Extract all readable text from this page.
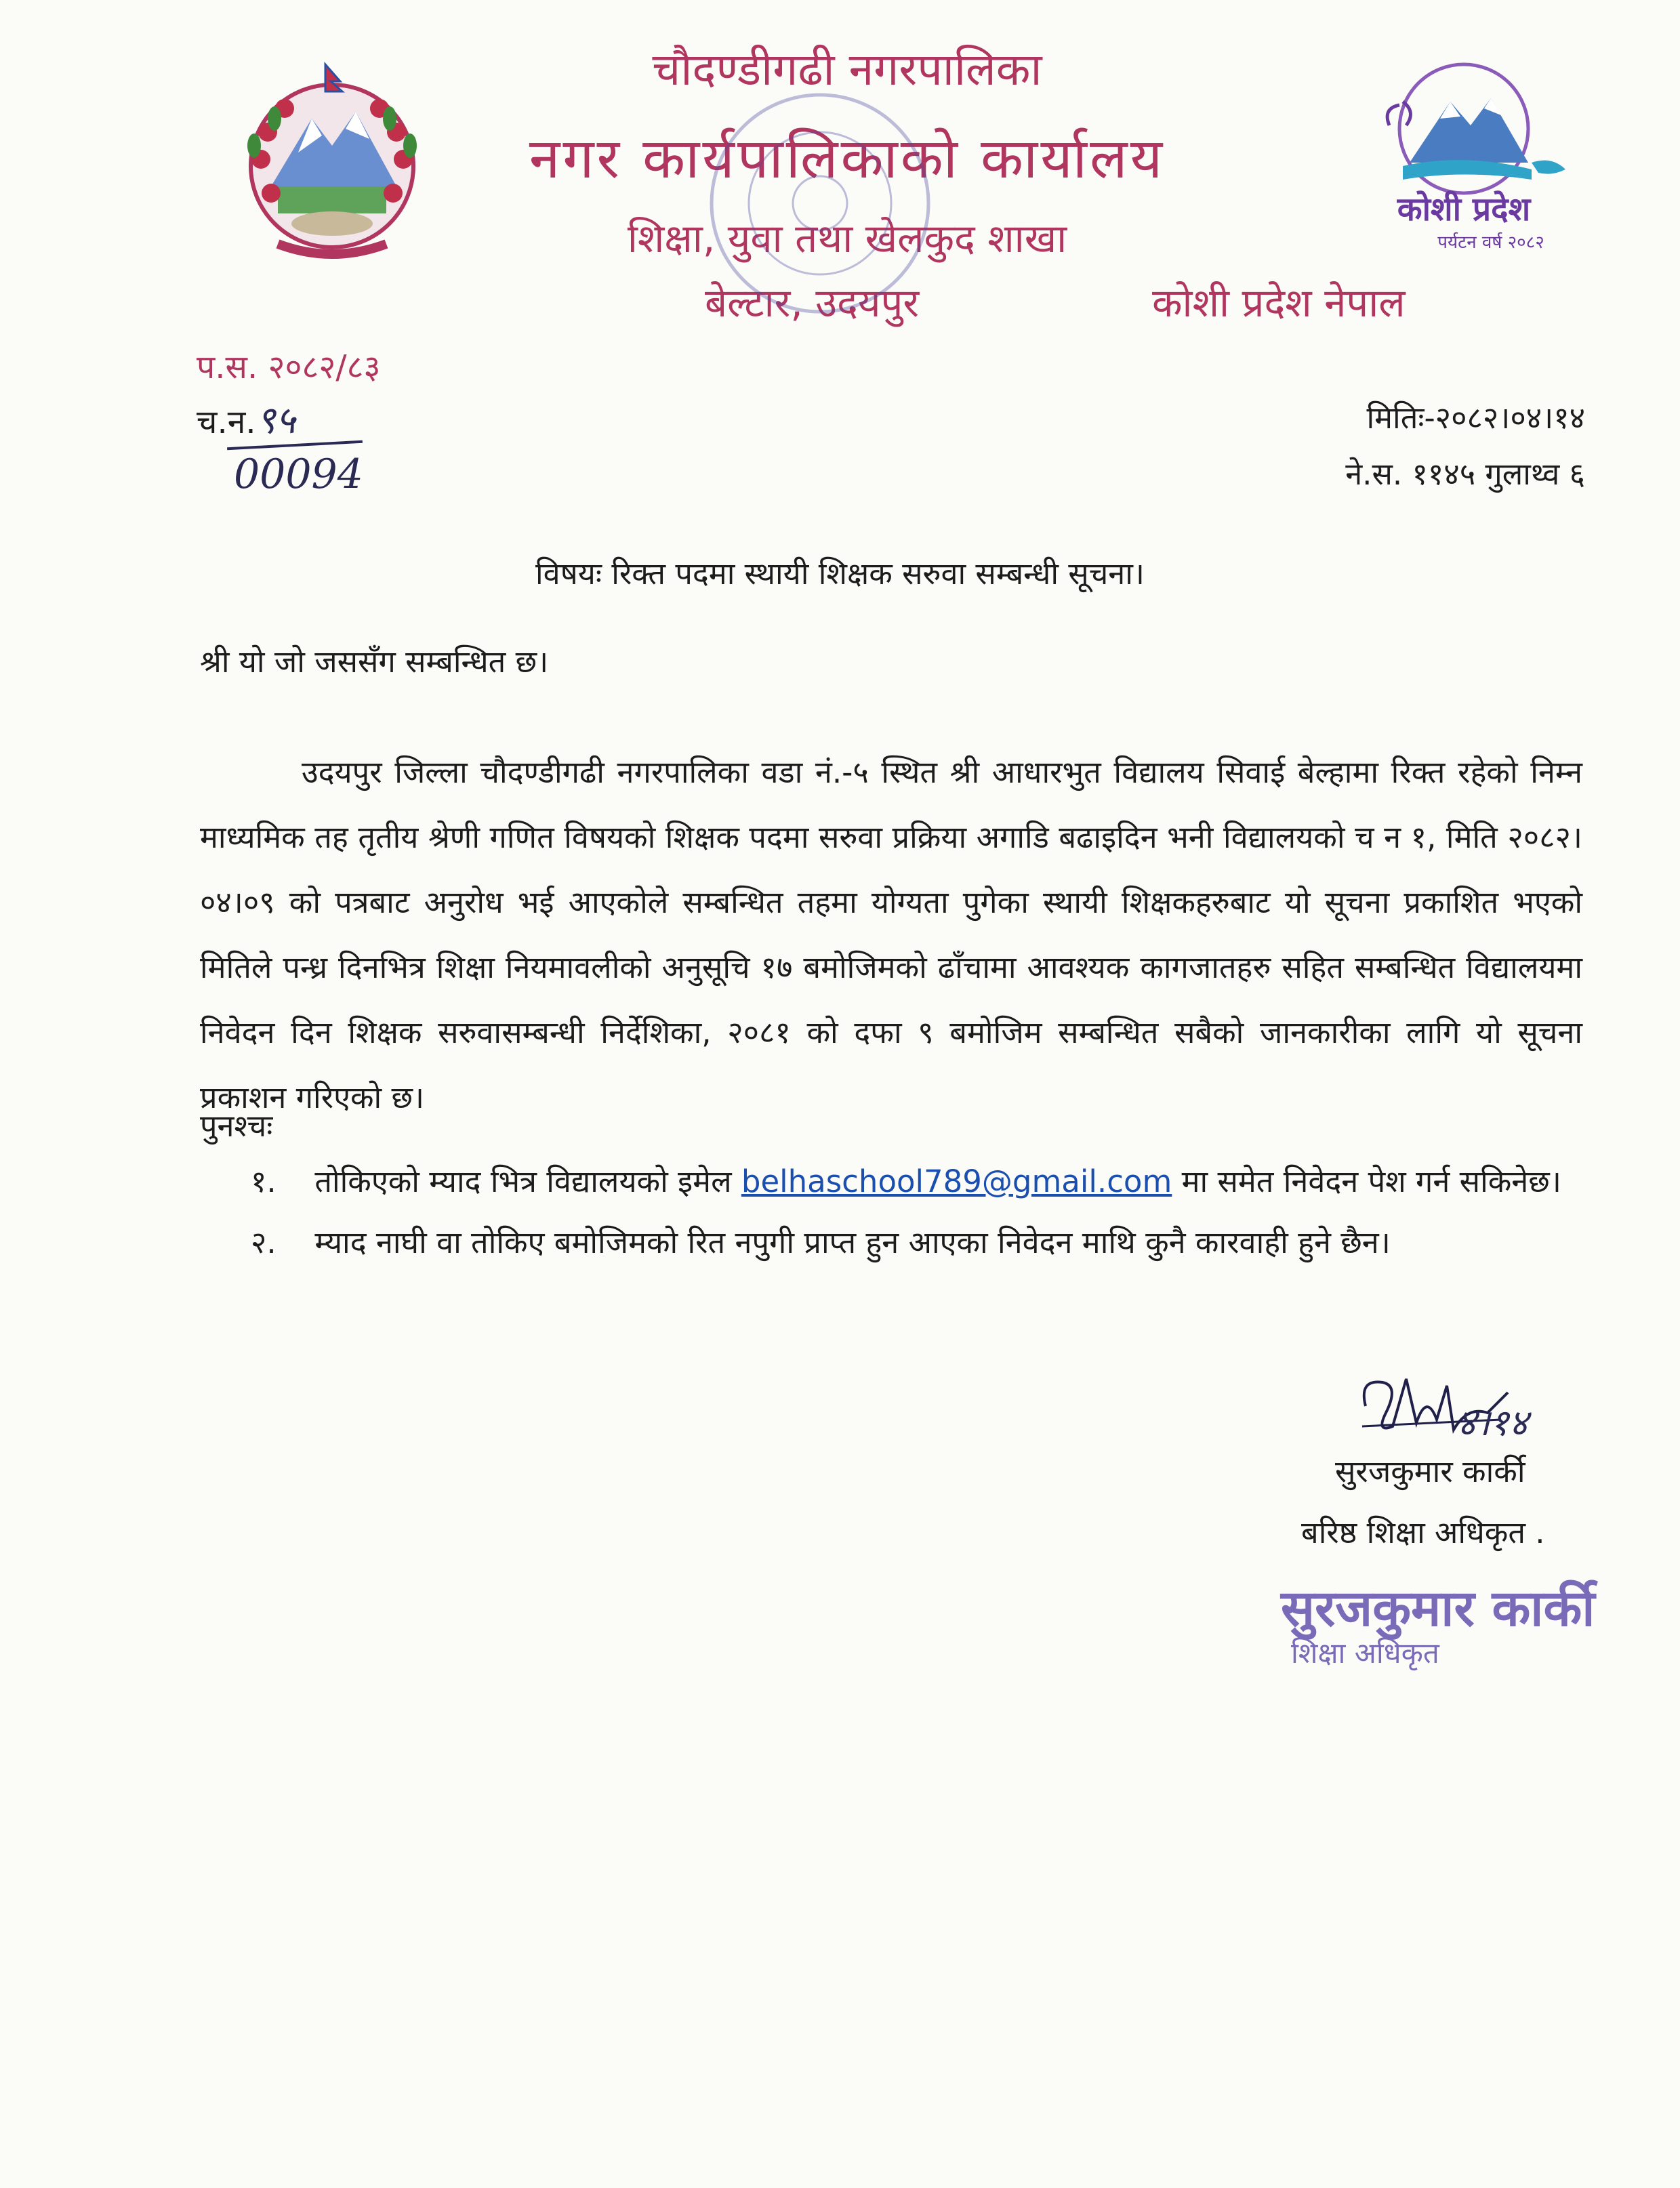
चौदण्डीगढी नगरपालिका
नगर कार्यपालिकाको कार्यालय
शिक्षा, युवा तथा खेलकुद शाखा
बेल्टार, उदयपुर	कोशी प्रदेश नेपाल
कोशी प्रदेश
पर्यटन वर्ष २०८२
प.स. २०८२/८३
च.न.९५
00094
मितिः-२०८२।०४।१४
ने.स. ११४५ गुलाथ्व ६
विषयः रिक्त पदमा स्थायी शिक्षक सरुवा सम्बन्धी सूचना।
श्री यो जो जससँग सम्बन्धित छ।
उदयपुर जिल्ला चौदण्डीगढी नगरपालिका वडा नं.-५ स्थित श्री आधारभुत विद्यालय सिवाई बेल्हामा रिक्त रहेको निम्न माध्यमिक तह तृतीय श्रेणी गणित विषयको शिक्षक पदमा सरुवा प्रक्रिया अगाडि बढाइदिन भनी विद्यालयको च न १, मिति २०८२।०४।०९ को पत्रबाट अनुरोध भई आएकोले सम्बन्धित तहमा योग्यता पुगेका स्थायी शिक्षकहरुबाट यो सूचना प्रकाशित भएको मितिले पन्ध्र दिनभित्र शिक्षा नियमावलीको अनुसूचि १७ बमोजिमको ढाँचामा आवश्यक कागजातहरु सहित सम्बन्धित विद्यालयमा निवेदन दिन शिक्षक सरुवासम्बन्धी निर्देशिका, २०८१ को दफा ९ बमोजिम सम्बन्धित सबैको जानकारीका लागि यो सूचना प्रकाशन गरिएको छ।
पुनश्चः
१. तोकिएको म्याद भित्र विद्यालयको इमेल belhaschool789@gmail.com मा समेत निवेदन पेश गर्न सकिनेछ।
२. म्याद नाघी वा तोकिए बमोजिमको रित नपुगी प्राप्त हुन आएका निवेदन माथि कुनै कारवाही हुने छैन।
४।१४
सुरजकुमार कार्की
बरिष्ठ शिक्षा अधिकृत .
सुरजकुमार कार्की
शिक्षा अधिकृत
